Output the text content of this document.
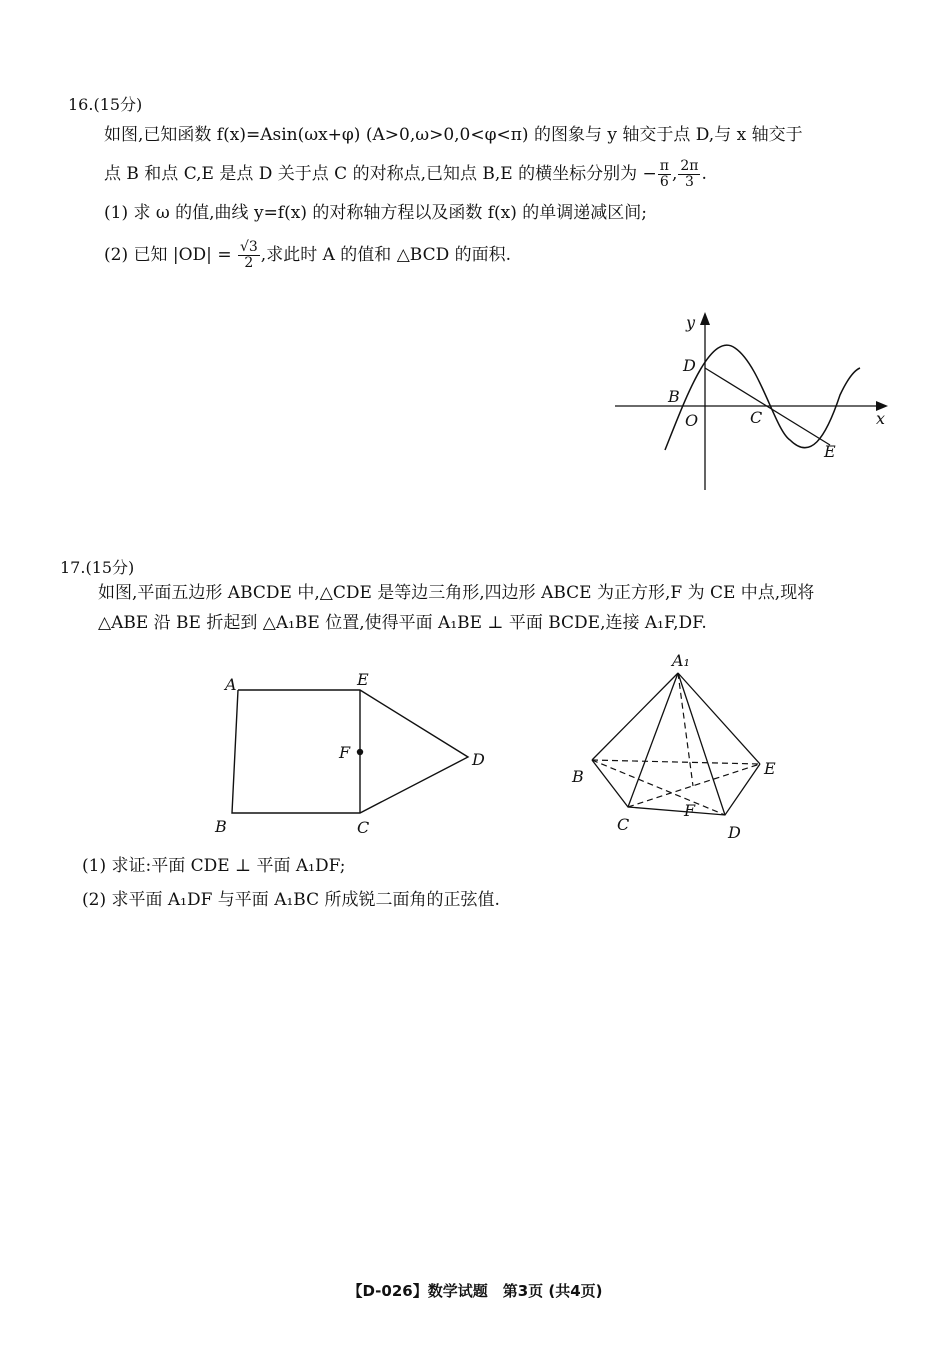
16.(15分)
如图,已知函数 f(x)=Asin(ωx+φ) (A>0,ω>0,0<φ<π) 的图象与 y 轴交于点 D,与 x 轴交于
点 B 和点 C,E 是点 D 关于点 C 的对称点,已知点 B,E 的横坐标分别为 − $\frac{\pi}{6}$ , $\frac{2\pi}{3}$ .
(1) 求 ω 的值,曲线 y=f(x) 的对称轴方程以及函数 f(x) 的单调递减区间;
(2) 已知 $|OD| = \frac{√3}{2}$ ,求此时 A 的值和 △BCD 的面积.
y
x
D
B
O	C
E
17.(15分)
如图,平面五边形 ABCDE 中,△CDE 是等边三角形,四边形 ABCE 为正方形,F 为 CE 中点,现将
△ABE 沿 BE 折起到 △A₁BE 位置,使得平面 A₁BE ⊥ 平面 BCDE,连接 A₁F,DF.
A	E
F	D
B	C
A₁
B	E
F
C	D
(1) 求证:平面 CDE ⊥ 平面 A₁DF;
(2) 求平面 A₁DF 与平面 A₁BC 所成锐二面角的正弦值.
【D-026】数学试题　第3页 (共4页)
